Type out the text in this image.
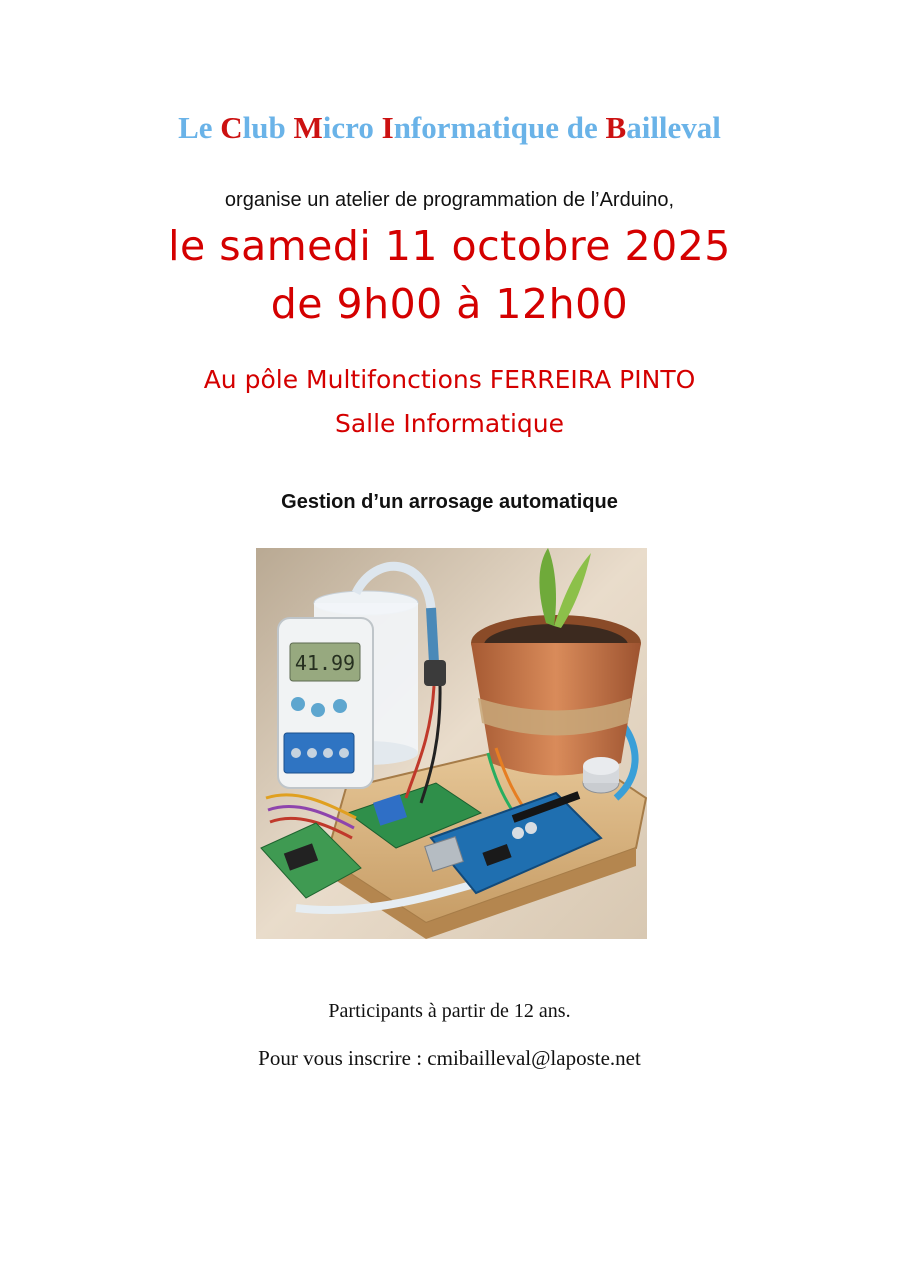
Le Club Micro Informatique de Bailleval
organise un atelier de programmation de l’Arduino,
le samedi 11 octobre 2025
de 9h00 à 12h00
Au pôle Multifonctions FERREIRA PINTO
Salle Informatique
Gestion d’un arrosage automatique
41.99
Participants à partir de 12 ans.
Pour vous inscrire : cmibailleval@laposte.net
